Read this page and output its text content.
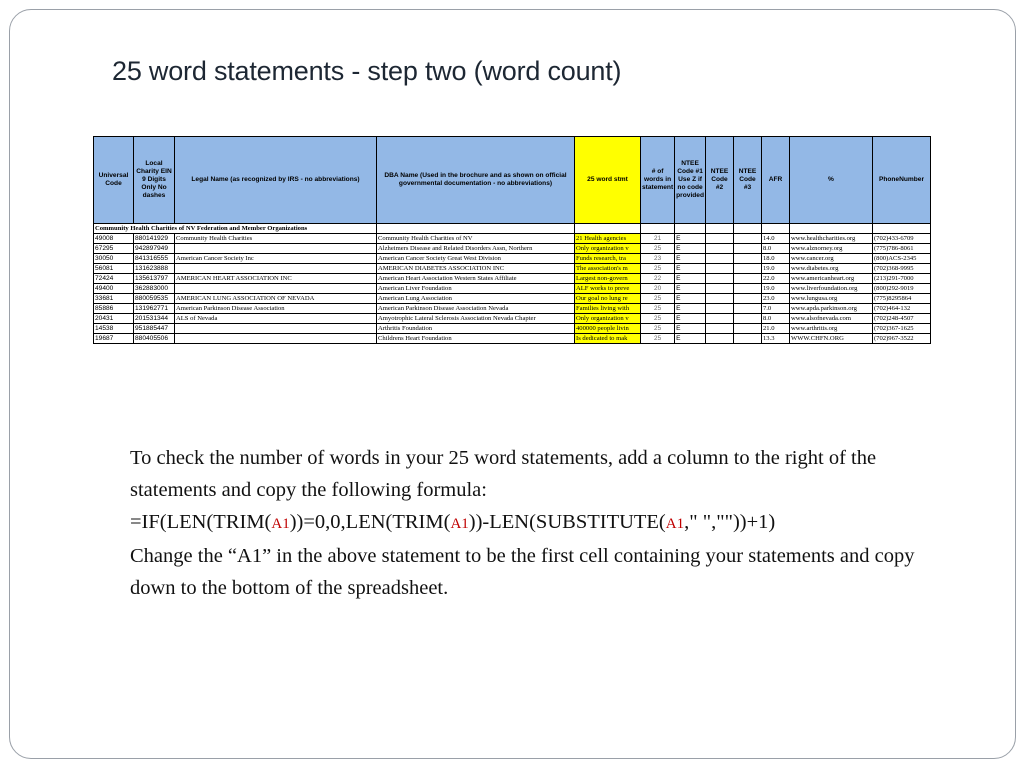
25 word statements - step two (word count)
Universal Code	Local Charity EIN 9 Digits Only No dashes	Legal Name (as recognized by IRS - no abbreviations)	DBA Name (Used in the brochure and as shown on official governmental documentation - no abbreviations)	25 word stmt	# of words in statement	NTEE Code #1 Use Z if no code provided	NTEE Code #2	NTEE Code #3	AFR	%	PhoneNumber
Community Health Charities of NV Federation and Member Organizations											
49008	880141929	Community Health Charities	Community Health Charities of NV	21 Health agencies	21	E			14.0	www.healthcharities.org	(702)433-6709
67295	942897949		Alzheimers Disease and Related Disorders Assn, Northern	Only organization v	25	E			8.0	www.alznorney.org	(775)786-8061
30050	841316555	American Cancer Society Inc	American Cancer Society Great West Division	Funds research, tra	23	E			18.0	www.cancer.org	(800)ACS-2345
56081	131623888		AMERICAN DIABETES ASSOCIATION INC	The association's m	25	E			19.0	www.diabetes.org	(702)368-9995
72424	135613797	AMERICAN HEART ASSOCIATION INC	American Heart Association Western States Affiliate	Largest non-govern	22	E			22.0	www.americanheart.org	(213)291-7000
49400	362883000		American Liver Foundation	ALF works to preve	20	E			19.0	www.liverfoundation.org	(800)292-9019
33681	880059535	AMERICAN LUNG ASSOCIATION OF NEVADA	American Lung Association	Our goal no lung re	25	E			23.0	www.lungusa.org	(775)8295864
85886	131962771	American Parkinson Disease Association	American Parkinson Disease Association Nevada	Families living with	25	E			7.0	www.apda.parkinson.org	(702)464-132
20431	201531344	ALS of Nevada	Amyotrophic Lateral Sclerosis Association Nevada Chapter	Only organization v	25	E			8.0	www.alsofnevada.com	(702)248-4507
14538	951885447		Arthritis Foundation	400000 people livin	25	E			21.0	www.arthritis.org	(702)367-1625
19687	880405506		Childrens Heart Foundation	Is dedicated to mak	25	E			13.3	WWW.CHFN.ORG	(702)967-3522

To check the number of words in your 25 word statements, add a column to the right of the statements and copy the following formula:

=IF(LEN(TRIM(A1))=0,0,LEN(TRIM(A1))-LEN(SUBSTITUTE(A1," ",""))+1)

Change the “A1” in the above statement to be the first cell containing your statements and copy down to the bottom of the spreadsheet.
